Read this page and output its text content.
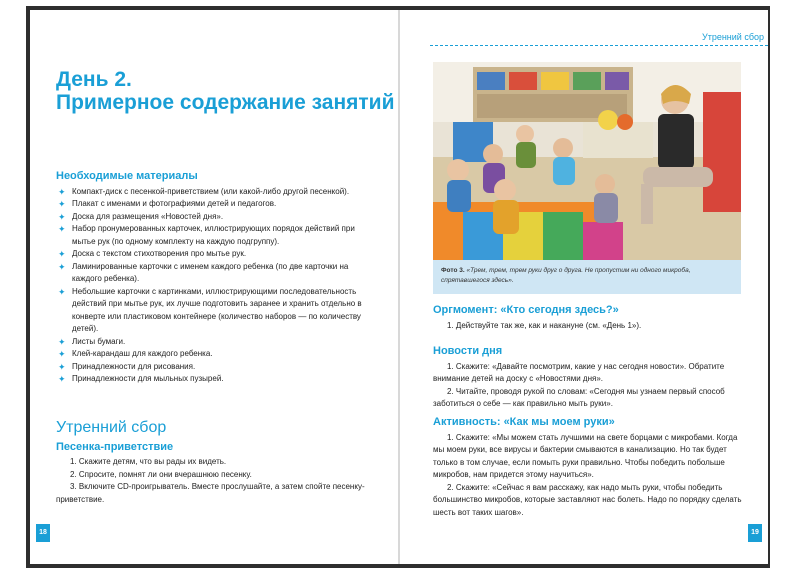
День 2.
Примерное содержание занятий
Необходимые материалы
✦ Компакт-диск с песенкой-приветствием (или какой-либо другой песенкой).
✦ Плакат с именами и фотографиями детей и педагогов.
✦ Доска для размещения «Новостей дня».
✦ Набор пронумерованных карточек, иллюстрирующих порядок действий при мытье рук (по одному комплекту на каждую подгруппу).
✦ Доска с текстом стихотворения про мытье рук.
✦ Ламинированные карточки с именем каждого ребенка (по две карточки на каждого ребенка).
✦ Небольшие карточки с картинками, иллюстрирующими последовательность действий при мытье рук, их лучше подготовить заранее и хранить отдельно в конверте или пластиковом контейнере (количество наборов — по количеству детей).
✦ Листы бумаги.
✦ Клей-карандаш для каждого ребенка.
✦ Принадлежности для рисования.
✦ Принадлежности для мыльных пузырей.
Утренний сбор
Песенка-приветствие

1. Скажите детям, что вы рады их видеть.

2. Спросите, помнят ли они вчерашнюю песенку.

3. Включите CD-проигрыватель. Вместе прослушайте, а затем спойте песенку-приветствие.

18
Утренний сбор
Фото 3. «Трем, трем, трем руки друг о друга. Не пропустим ни одного микроба, спрятавшегося здесь».
Оргмомент: «Кто сегодня здесь?»

1. Действуйте так же, как и накануне (см. «День 1»).

Новости дня

1. Скажите: «Давайте посмотрим, какие у нас сегодня новости». Обратите внимание детей на доску с «Новостями дня».

2. Читайте, проводя рукой по словам: «Сегодня мы узнаем первый способ заботиться о себе — как правильно мыть руки».

Активность: «Как мы моем руки»

1. Скажите: «Мы можем стать лучшими на свете борцами с микробами. Когда мы моем руки, все вирусы и бактерии смываются в канализацию. Но так будет только в том случае, если помыть руки правильно. Чтобы победить побольше микробов, нам придется этому научиться».

2. Скажите: «Сейчас я вам расскажу, как надо мыть руки, чтобы победить большинство микробов, которые заставляют нас болеть. Надо по порядку сделать шесть вот таких шагов».

19
